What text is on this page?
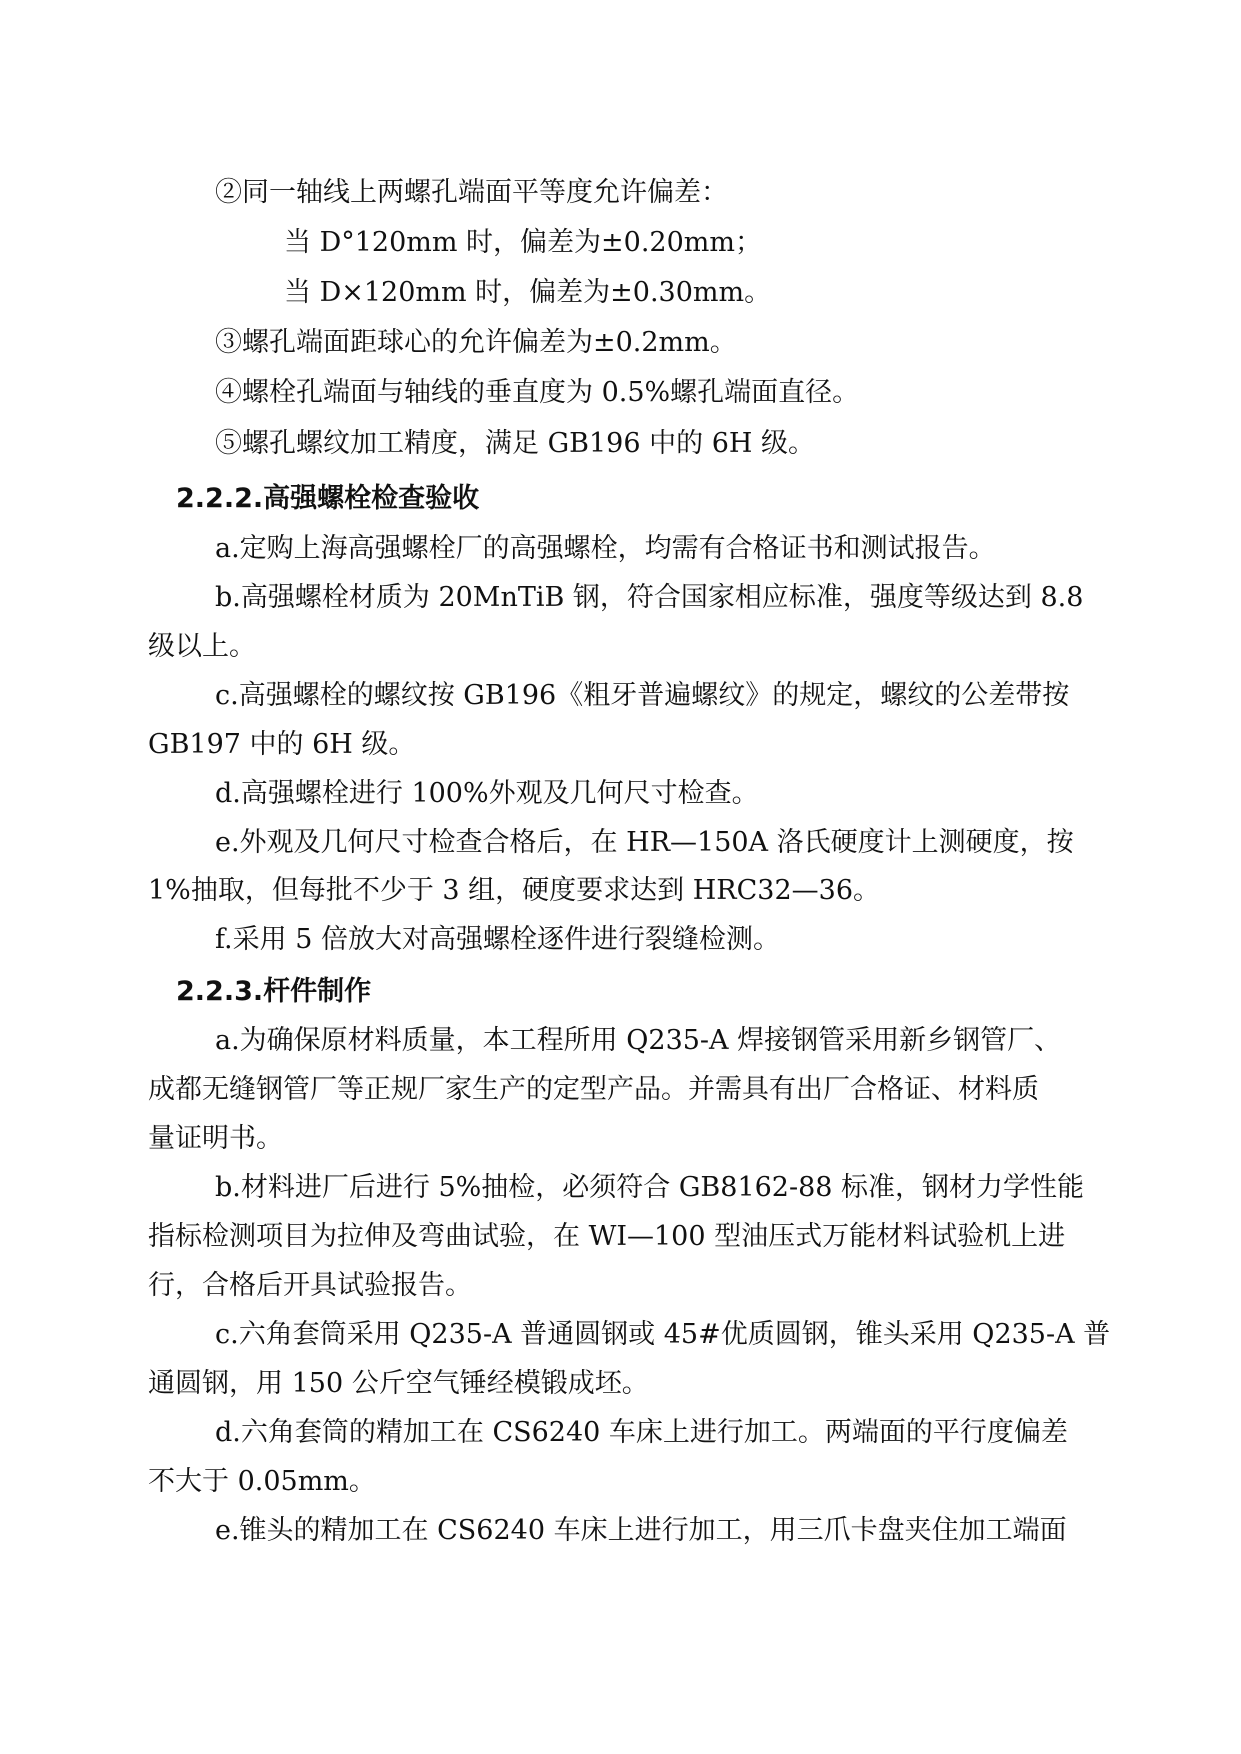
②同一轴线上两螺孔端面平等度允许偏差：
当 D°120mm 时，偏差为±0.20mm；
当 D×120mm 时，偏差为±0.30mm。
③螺孔端面距球心的允许偏差为±0.2mm。
④螺栓孔端面与轴线的垂直度为 0.5%螺孔端面直径。
⑤螺孔螺纹加工精度，满足 GB196 中的 6H 级。
2.2.2.高强螺栓检查验收
a.定购上海高强螺栓厂的高强螺栓，均需有合格证书和测试报告。
b.高强螺栓材质为 20MnTiB 钢，符合国家相应标准，强度等级达到 8.8
级以上。
c.高强螺栓的螺纹按 GB196《粗牙普遍螺纹》的规定，螺纹的公差带按
GB197 中的 6H 级。
d.高强螺栓进行 100%外观及几何尺寸检查。
e.外观及几何尺寸检查合格后，在 HR—150A 洛氏硬度计上测硬度，按
1%抽取，但每批不少于 3 组，硬度要求达到 HRC32—36。
f.采用 5 倍放大对高强螺栓逐件进行裂缝检测。
2.2.3.杆件制作
a.为确保原材料质量，本工程所用 Q235-A 焊接钢管采用新乡钢管厂、
成都无缝钢管厂等正规厂家生产的定型产品。并需具有出厂合格证、材料质
量证明书。
b.材料进厂后进行 5%抽检，必须符合 GB8162-88 标准，钢材力学性能
指标检测项目为拉伸及弯曲试验，在 WI—100 型油压式万能材料试验机上进
行，合格后开具试验报告。
c.六角套筒采用 Q235-A 普通圆钢或 45#优质圆钢，锥头采用 Q235-A 普
通圆钢，用 150 公斤空气锤经模锻成坯。
d.六角套筒的精加工在 CS6240 车床上进行加工。两端面的平行度偏差
不大于 0.05mm。
e.锥头的精加工在 CS6240 车床上进行加工，用三爪卡盘夹住加工端面
